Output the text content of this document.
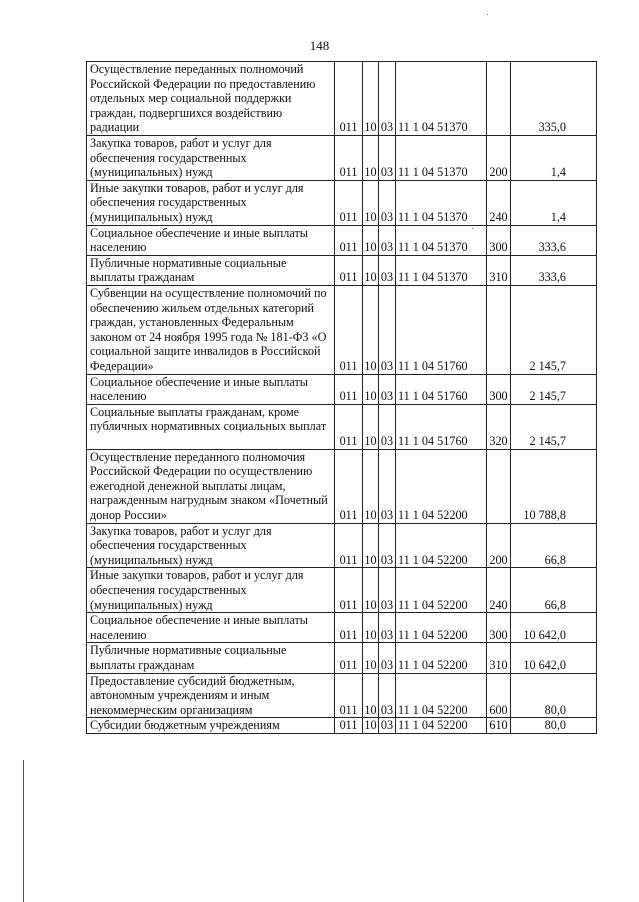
148
Осуществление переданных полномочий Российской Федерации по предоставлению отдельных мер социальной поддержки граждан, подвергшихся воздействию радиации	011	10	03	11 1 04 51370		335,0
Закупка товаров, работ и услуг для обеспечения государственных (муниципальных) нужд	011	10	03	11 1 04 51370	200	1,4
Иные закупки товаров, работ и услуг для обеспечения государственных (муниципальных) нужд	011	10	03	11 1 04 51370	240	1,4
Социальное обеспечение и иные выплаты населению	011	10	03	11 1 04 51370	300	333,6
Публичные нормативные социальные выплаты гражданам	011	10	03	11 1 04 51370	310	333,6
Субвенции на осуществление полномочий по обеспечению жильем отдельных категорий граждан, установленных Федеральным законом от 24 ноября 1995 года № 181-ФЗ «О социальной защите инвалидов в Российской Федерации»	011	10	03	11 1 04 51760		2 145,7
Социальное обеспечение и иные выплаты населению	011	10	03	11 1 04 51760	300	2 145,7
Социальные выплаты гражданам, кроме публичных нормативных социальных выплат	011	10	03	11 1 04 51760	320	2 145,7
Осуществление переданного полномочия Российской Федерации по осуществлению ежегодной денежной выплаты лицам, награжденным нагрудным знаком «Почетный донор России»	011	10	03	11 1 04 52200		10 788,8
Закупка товаров, работ и услуг для обеспечения государственных (муниципальных) нужд	011	10	03	11 1 04 52200	200	66,8
Иные закупки товаров, работ и услуг для обеспечения государственных (муниципальных) нужд	011	10	03	11 1 04 52200	240	66,8
Социальное обеспечение и иные выплаты населению	011	10	03	11 1 04 52200	300	10 642,0
Публичные нормативные социальные выплаты гражданам	011	10	03	11 1 04 52200	310	10 642,0
Предоставление субсидий бюджетным, автономным учреждениям и иным некоммерческим организациям	011	10	03	11 1 04 52200	600	80,0
Субсидии бюджетным учреждениям	011	10	03	11 1 04 52200	610	80,0
